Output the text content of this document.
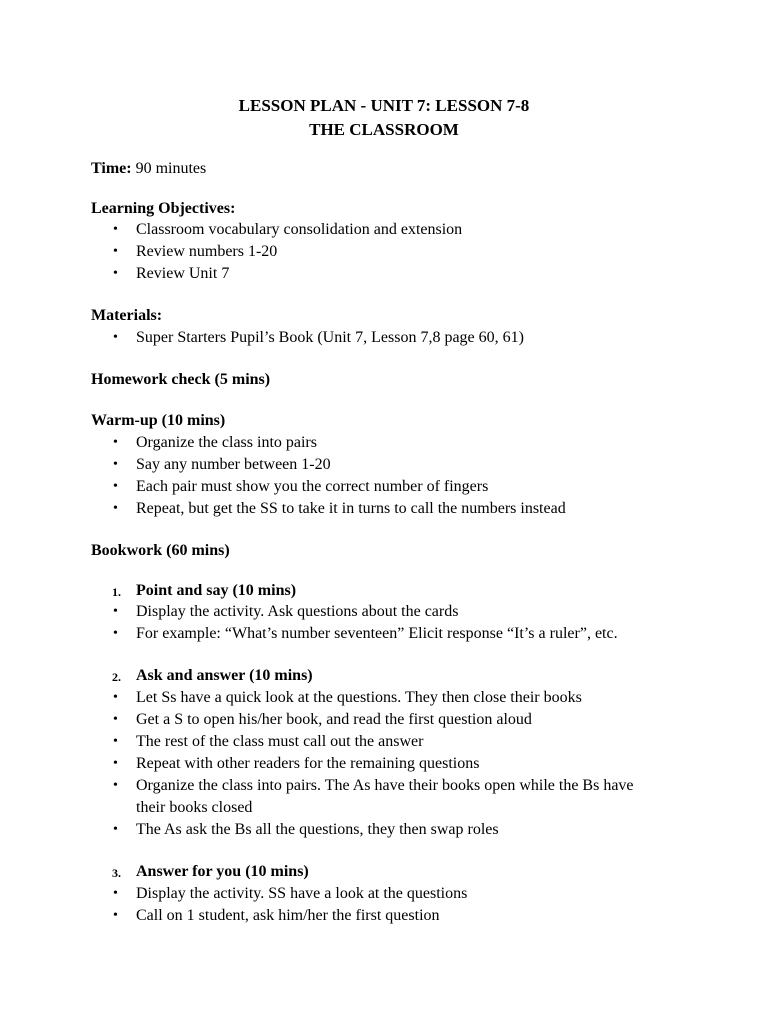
LESSON PLAN - UNIT 7: LESSON 7-8
THE CLASSROOM
Time: 90 minutes
Learning Objectives:
• Classroom vocabulary consolidation and extension
• Review numbers 1-20
• Review Unit 7
Materials:
• Super Starters Pupil’s Book (Unit 7, Lesson 7,8 page 60, 61)
Homework check (5 mins)
Warm-up (10 mins)
• Organize the class into pairs
• Say any number between 1-20
• Each pair must show you the correct number of fingers
• Repeat, but get the SS to take it in turns to call the numbers instead
Bookwork (60 mins)
1. Point and say (10 mins)
• Display the activity. Ask questions about the cards
• For example: “What’s number seventeen” Elicit response “It’s a ruler”, etc.
2. Ask and answer (10 mins)
• Let Ss have a quick look at the questions. They then close their books
• Get a S to open his/her book, and read the first question aloud
• The rest of the class must call out the answer
• Repeat with other readers for the remaining questions
• Organize the class into pairs. The As have their books open while the Bs have their books closed
• The As ask the Bs all the questions, they then swap roles
3. Answer for you (10 mins)
• Display the activity. SS have a look at the questions
• Call on 1 student, ask him/her the first question
